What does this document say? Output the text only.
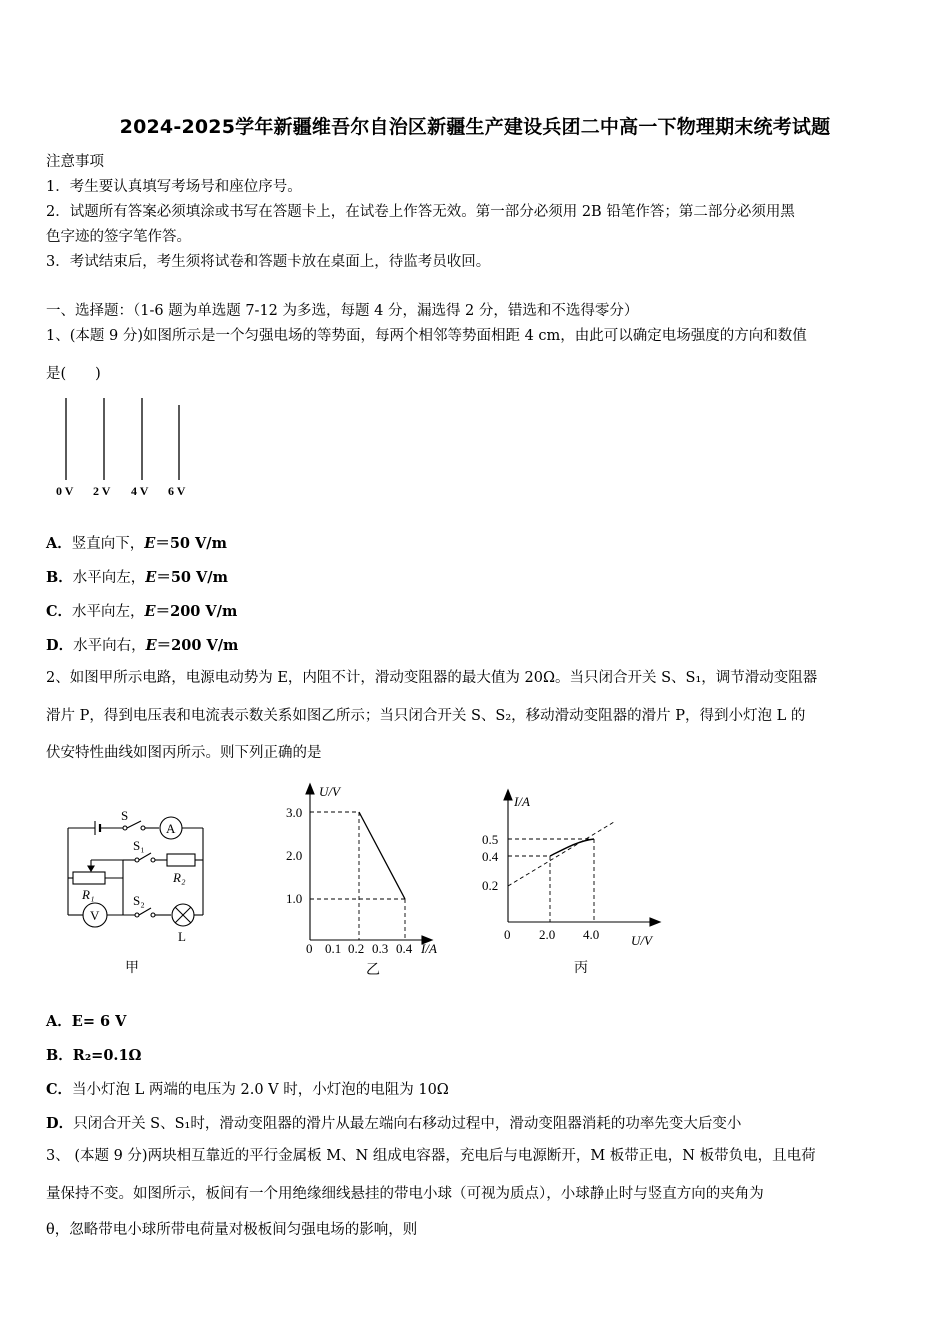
2024-2025学年新疆维吾尔自治区新疆生产建设兵团二中高一下物理期末统考试题
注意事项
1．考生要认真填写考场号和座位序号。
2．试题所有答案必须填涂或书写在答题卡上，在试卷上作答无效。第一部分必须用 2B 铅笔作答；第二部分必须用黑
色字迹的签字笔作答。
3．考试结束后，考生须将试卷和答题卡放在桌面上，待监考员收回。
一、选择题：（1-6 题为单选题 7-12 为多选，每题 4 分，漏选得 2 分，错选和不选得零分）
1、(本题 9 分)如图所示是一个匀强电场的等势面，每两个相邻等势面相距 4 cm，由此可以确定电场强度的方向和数值
是(　　)
0 V 2 V 4 V 6 V
A．竖直向下，E＝50 V/m
B．水平向左，E＝50 V/m
C．水平向左，E＝200 V/m
D．水平向右，E＝200 V/m
2、如图甲所示电路，电源电动势为 E，内阻不计，滑动变阻器的最大值为 20Ω。当只闭合开关 S、S₁，调节滑动变阻器
滑片 P，得到电压表和电流表示数关系如图乙所示；当只闭合开关 S、S₂，移动滑动变阻器的滑片 P，得到小灯泡 L 的
伏安特性曲线如图丙所示。则下列正确的是
S
A
S₁
R₂
R₁	S₂
V
L
甲
U/V
3.0
2.0
1.0
0 0.1 0.2 0.3 0.4 I/A
乙
I/A
0.5
0.4
0.2
0 2.0 4.0 U/V
丙
A．E= 6 V
B．R₂=0.1Ω
C．当小灯泡 L 两端的电压为 2.0 V 时，小灯泡的电阻为 10Ω
D．只闭合开关 S、S₁时，滑动变阻器的滑片从最左端向右移动过程中，滑动变阻器消耗的功率先变大后变小
3、 (本题 9 分)两块相互靠近的平行金属板 M、N 组成电容器，充电后与电源断开，M 板带正电，N 板带负电，且电荷
量保持不变。如图所示，板间有一个用绝缘细线悬挂的带电小球（可视为质点），小球静止时与竖直方向的夹角为
θ，忽略带电小球所带电荷量对极板间匀强电场的影响，则
